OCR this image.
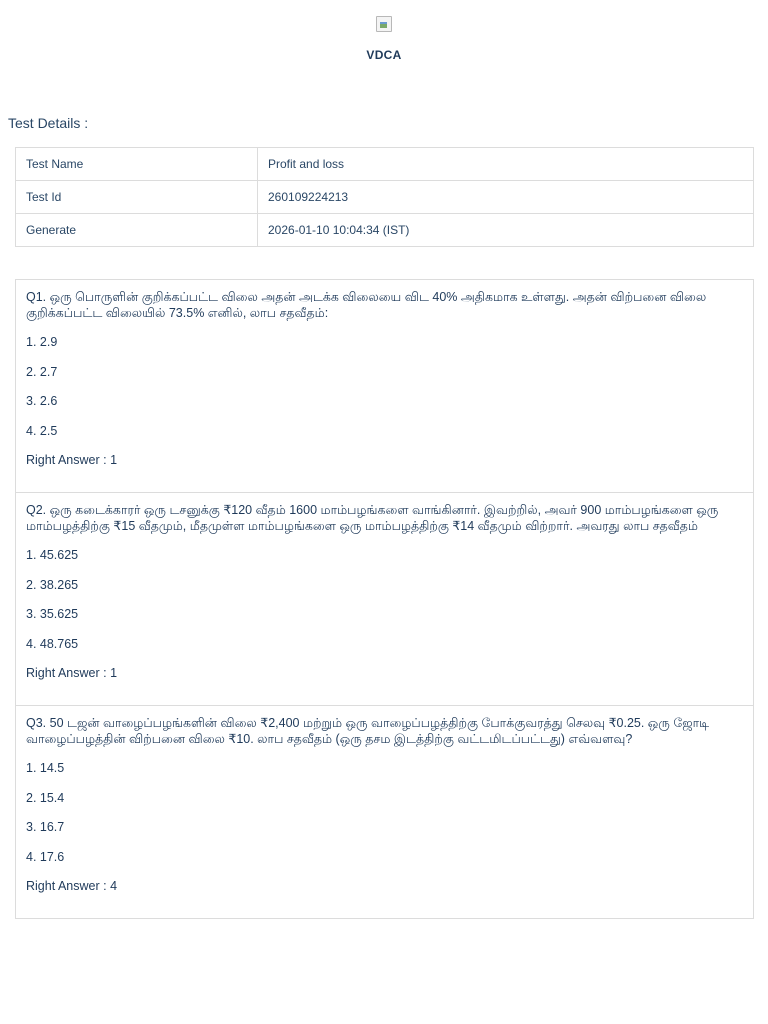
VDCA
Test Details :
Test Name	Profit and loss
Test Id	260109224213
Generate	2026-01-10 10:04:34 (IST)
Q1. ஒரு பொருளின் குறிக்கப்பட்ட விலை அதன் அடக்க விலையை விட 40% அதிகமாக உள்ளது. அதன் விற்பனை விலை குறிக்கப்பட்ட விலையில் 73.5% எனில், லாப சதவீதம்:
1. 2.9
2. 2.7
3. 2.6
4. 2.5
Right Answer : 1
Q2. ஒரு கடைக்காரர் ஒரு டசனுக்கு ₹120 வீதம் 1600 மாம்பழங்களை வாங்கினார். இவற்றில், அவர் 900 மாம்பழங்களை ஒரு மாம்பழத்திற்கு ₹15 வீதமும், மீதமுள்ள மாம்பழங்களை ஒரு மாம்பழத்திற்கு ₹14 வீதமும் விற்றார். அவரது லாப சதவீதம்
1. 45.625
2. 38.265
3. 35.625
4. 48.765
Right Answer : 1
Q3. 50 டஜன் வாழைப்பழங்களின் விலை ₹2,400 மற்றும் ஒரு வாழைப்பழத்திற்கு போக்குவரத்து செலவு ₹0.25. ஒரு ஜோடி வாழைப்பழத்தின் விற்பனை விலை ₹10. லாப சதவீதம் (ஒரு தசம இடத்திற்கு வட்டமிடப்பட்டது) எவ்வளவு?
1. 14.5
2. 15.4
3. 16.7
4. 17.6
Right Answer : 4
